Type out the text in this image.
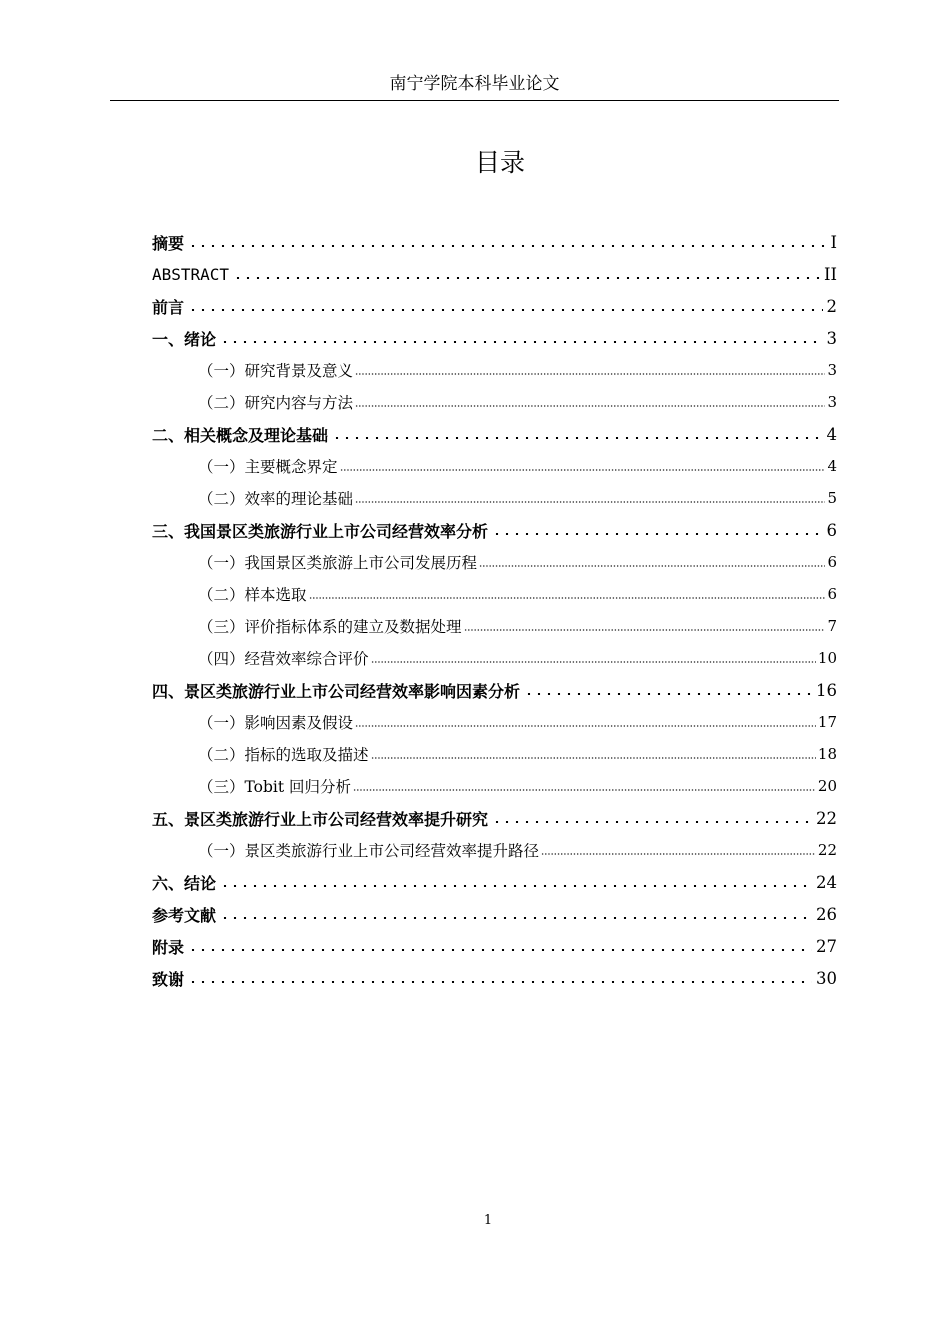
南宁学院本科毕业论文
目录
摘要	I
ABSTRACT	II
前言	2
一、绪论	3
（一）研究背景及意义	3
（二）研究内容与方法	3
二、相关概念及理论基础	4
（一）主要概念界定	4
（二）效率的理论基础	5
三、我国景区类旅游行业上市公司经营效率分析	6
（一）我国景区类旅游上市公司发展历程	6
（二）样本选取	6
（三）评价指标体系的建立及数据处理	7
（四）经营效率综合评价	10
四、景区类旅游行业上市公司经营效率影响因素分析	16
（一）影响因素及假设	17
（二）指标的选取及描述	18
（三）Tobit 回归分析	20
五、景区类旅游行业上市公司经营效率提升研究	22
（一）景区类旅游行业上市公司经营效率提升路径	22
六、结论	24
参考文献	26
附录	27
致谢	30
1
